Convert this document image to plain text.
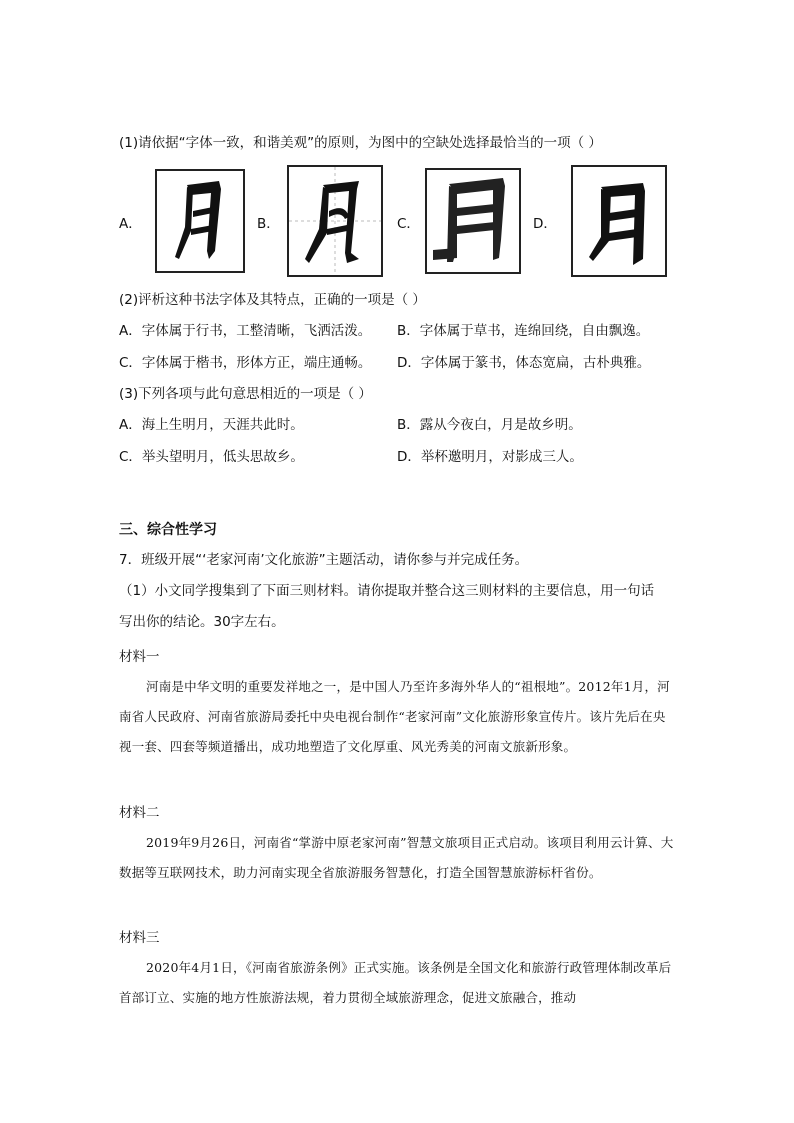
(1)请依据“字体一致，和谐美观”的原则，为图中的空缺处选择最恰当的一项（ ）
A．	B．	C．	D．
(2)评析这种书法字体及其特点，正确的一项是（ ）
A．字体属于行书，工整清晰，飞洒活泼。 B．字体属于草书，连绵回绕，自由飘逸。
C．字体属于楷书，形体方正，端庄通畅。 D．字体属于篆书，体态宽扁，古朴典雅。
(3)下列各项与此句意思相近的一项是（ ）
A．海上生明月，天涯共此时。	B．露从今夜白，月是故乡明。
C．举头望明月，低头思故乡。	D．举杯邀明月，对影成三人。
三、综合性学习
7．班级开展“‘老家河南’文化旅游”主题活动，请你参与并完成任务。
（1）小文同学搜集到了下面三则材料。请你提取并整合这三则材料的主要信息，用一句话
写出你的结论。30字左右。
材料一
河南是中华文明的重要发祥地之一，是中国人乃至许多海外华人的“祖根地”。2012年1月，河南省人民政府、河南省旅游局委托中央电视台制作“老家河南”文化旅游形象宣传片。该片先后在央视一套、四套等频道播出，成功地塑造了文化厚重、风光秀美的河南文旅新形象。
材料二
2019年9月26日，河南省“掌游中原老家河南”智慧文旅项目正式启动。该项目利用云计算、大数据等互联网技术，助力河南实现全省旅游服务智慧化，打造全国智慧旅游标杆省份。
材料三
2020年4月1日，《河南省旅游条例》正式实施。该条例是全国文化和旅游行政管理体制改革后首部订立、实施的地方性旅游法规，着力贯彻全域旅游理念，促进文旅融合，推动
